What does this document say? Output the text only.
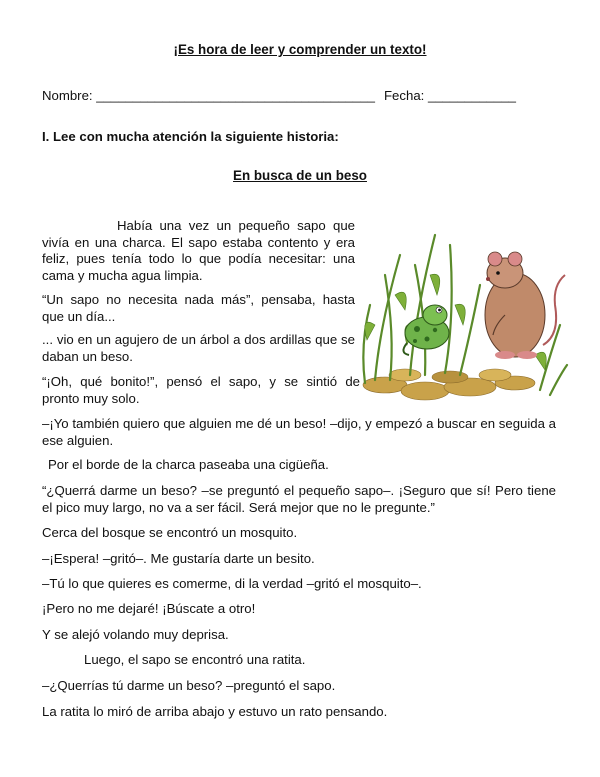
¡Es hora de leer y comprender un texto!
Nombre: ______________________________________ Fecha: ____________
I. Lee con mucha atención la siguiente historia:
En busca de un beso

Había una vez un pequeño sapo que vivía en una charca. El sapo estaba contento y era feliz, pues tenía todo lo que podía necesitar: una cama y mucha agua limpia.

“Un sapo no necesita nada más”, pensaba, hasta que un día...

... vio en un agujero de un árbol a dos ardillas que se daban un beso.

“¡Oh, qué bonito!”, pensó el sapo, y se sintió de pronto muy solo.

–¡Yo también quiero que alguien me dé un beso! –dijo, y empezó a buscar en seguida a ese alguien.

Por el borde de la charca paseaba una cigüeña.

“¿Querrá darme un beso? –se preguntó el pequeño sapo–. ¡Seguro que sí! Pero tiene el pico muy largo, no va a ser fácil. Será mejor que no le pregunte.”

Cerca del bosque se encontró un mosquito.

–¡Espera! –gritó–. Me gustaría darte un besito.

–Tú lo que quieres es comerme, di la verdad –gritó el mosquito–.

¡Pero no me dejaré! ¡Búscate a otro!

Y se alejó volando muy deprisa.

Luego, el sapo se encontró una ratita.

–¿Querrías tú darme un beso? –preguntó el sapo.

La ratita lo miró de arriba abajo y estuvo un rato pensando.
